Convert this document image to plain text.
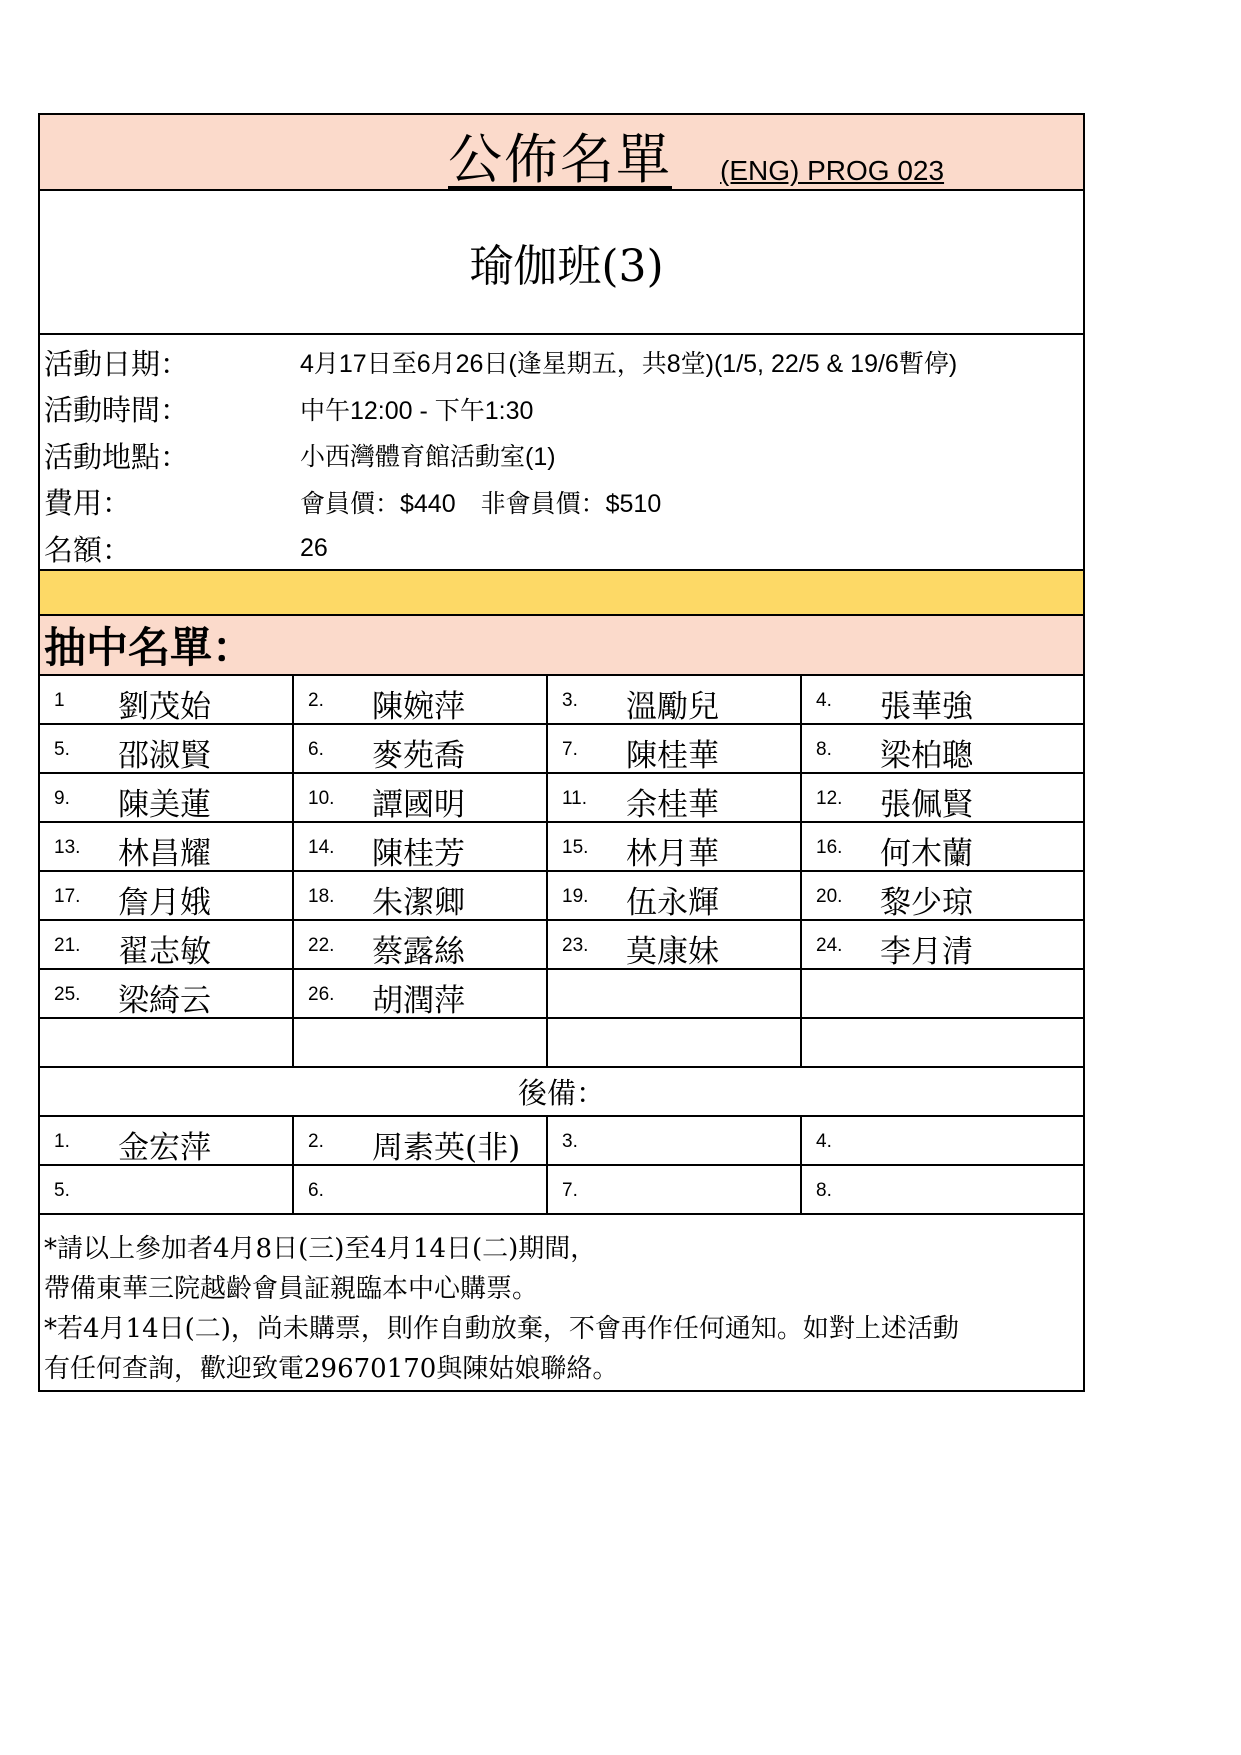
公佈名單 (ENG) PROG 023
瑜伽班(3)
活動日期：	4月17日至6月26日(逢星期五，共8堂)(1/5, 22/5 & 19/6暫停)
活動時間：	中午12:00 - 下午1:30
活動地點：	小西灣體育館活動室(1)
費用：	會員價：$440　非會員價：$510
名額：	26
抽中名單：
1 劉茂始	2. 陳婉萍	3. 溫勵兒	4. 張華強
5. 邵淑賢	6. 麥苑喬	7. 陳桂華	8. 梁柏聰
9. 陳美蓮	10. 譚國明	11. 余桂華	12. 張佩賢
13. 林昌耀	14. 陳桂芳	15. 林月華	16. 何木蘭
17. 詹月娥	18. 朱潔卿	19. 伍永輝	20. 黎少琼
21. 翟志敏	22. 蔡露絲	23. 莫康妹	24. 李月清
25. 梁綺云	26. 胡潤萍
後備：
1. 金宏萍	2. 周素英(非) 3.	4.
5.	6.	7.	8.
*請以上參加者4月8日(三)至4月14日(二)期間，
帶備東華三院越齡會員証親臨本中心購票。
*若4月14日(二)，尚未購票，則作自動放棄，不會再作任何通知。如對上述活動
有任何查詢，歡迎致電29670170與陳姑娘聯絡。
